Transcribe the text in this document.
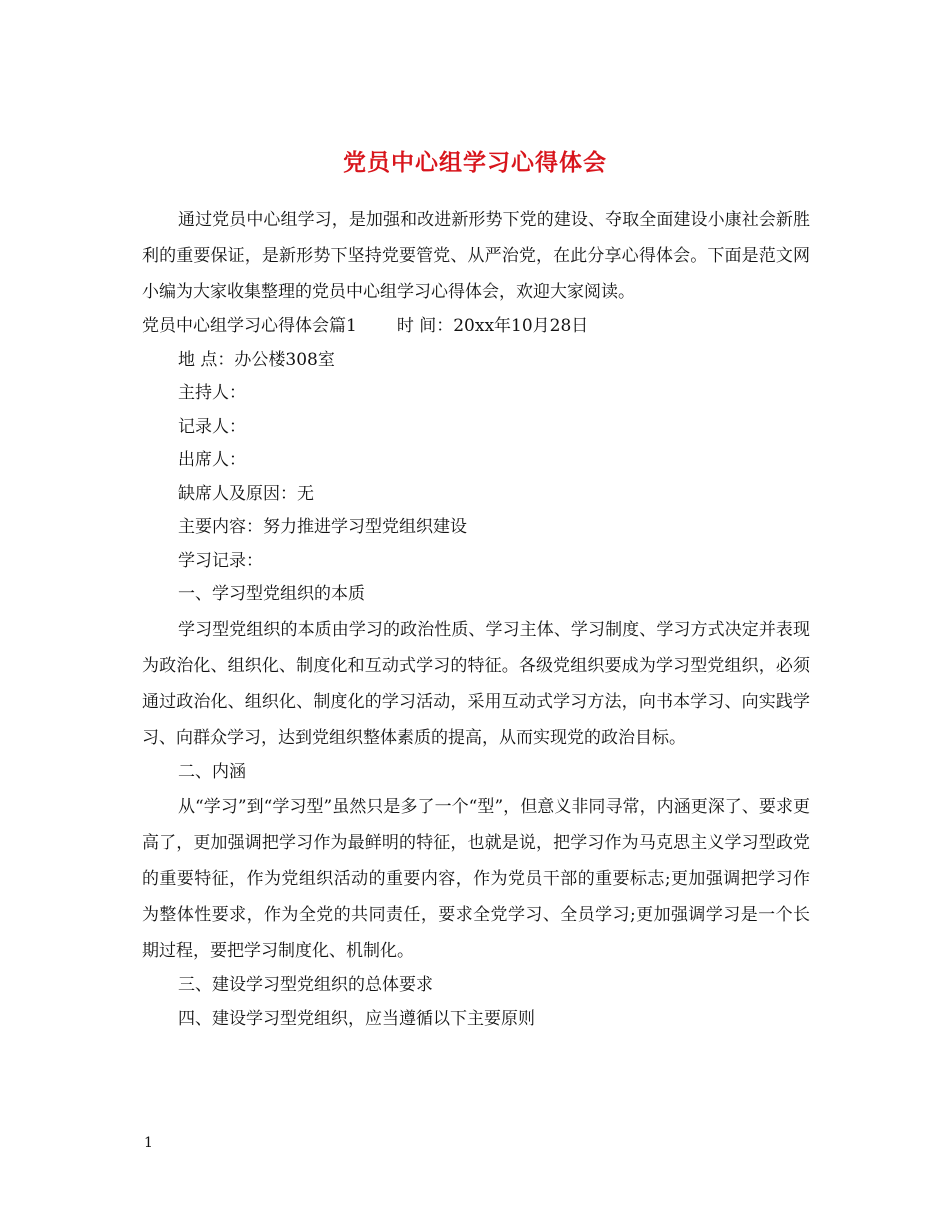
党员中心组学习心得体会

通过党员中心组学习，是加强和改进新形势下党的建设、夺取全面建设小康社会新胜利的重要保证，是新形势下坚持党要管党、从严治党，在此分享心得体会。下面是范文网小编为大家收集整理的党员中心组学习心得体会，欢迎大家阅读。

党员中心组学习心得体会篇1 时 间：20xx年10月28日

地 点：办公楼308室

主持人：

记录人：

出席人：

缺席人及原因：无

主要内容：努力推进学习型党组织建设

学习记录：

一、学习型党组织的本质

学习型党组织的本质由学习的政治性质、学习主体、学习制度、学习方式决定并表现为政治化、组织化、制度化和互动式学习的特征。各级党组织要成为学习型党组织，必须通过政治化、组织化、制度化的学习活动，采用互动式学习方法，向书本学习、向实践学习、向群众学习，达到党组织整体素质的提高，从而实现党的政治目标。

二、内涵

从“学习”到“学习型”虽然只是多了一个“型”，但意义非同寻常，内涵更深了、要求更高了，更加强调把学习作为最鲜明的特征，也就是说，把学习作为马克思主义学习型政党的重要特征，作为党组织活动的重要内容，作为党员干部的重要标志;更加强调把学习作为整体性要求，作为全党的共同责任，要求全党学习、全员学习;更加强调学习是一个长期过程，要把学习制度化、机制化。

三、建设学习型党组织的总体要求

四、建设学习型党组织，应当遵循以下主要原则

1
